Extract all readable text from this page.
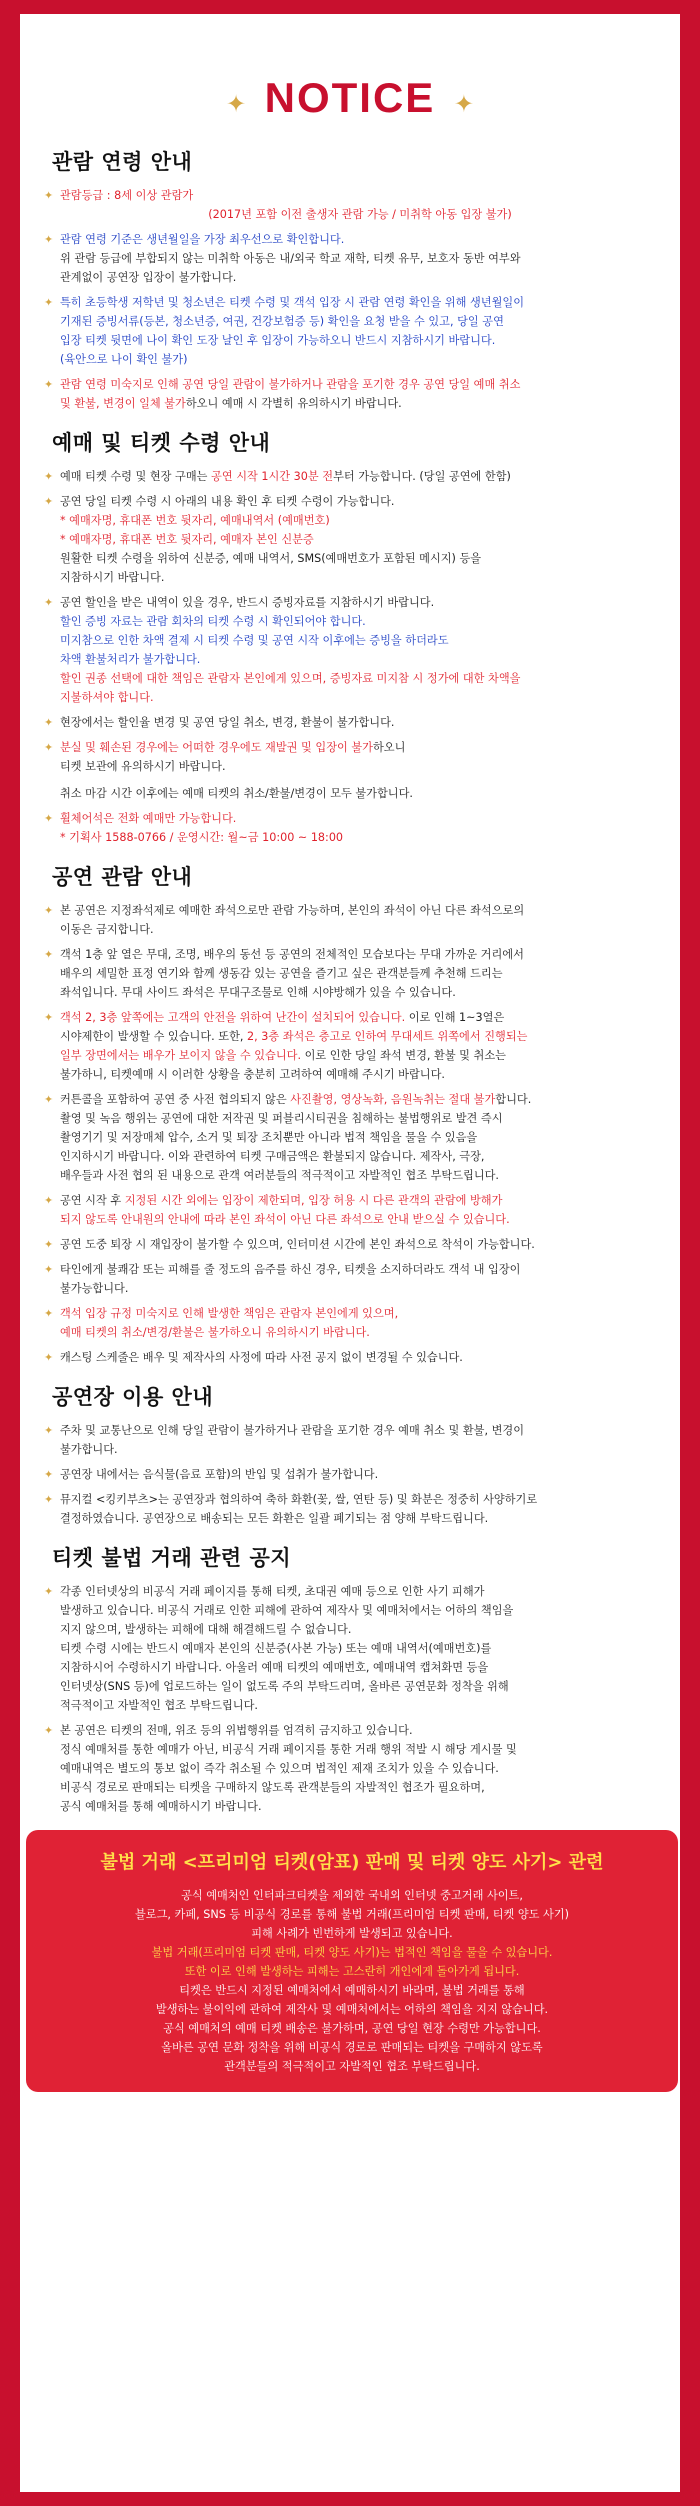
✦ NOTICE ✦
관람 연령 안내
✦ 관람등급 : 8세 이상 관람가
(2017년 포함 이전 출생자 관람 가능 / 미취학 아동 입장 불가)
✦ 관람 연령 기준은 생년월일을 가장 최우선으로 확인합니다.
위 관람 등급에 부합되지 않는 미취학 아동은 내/외국 학교 재학, 티켓 유무, 보호자 동반 여부와
관계없이 공연장 입장이 불가합니다.
✦ 특히 초등학생 저학년 및 청소년은 티켓 수령 및 객석 입장 시 관람 연령 확인을 위해 생년월일이
기재된 증빙서류(등본, 청소년증, 여권, 건강보험증 등) 확인을 요청 받을 수 있고, 당일 공연
입장 티켓 뒷면에 나이 확인 도장 날인 후 입장이 가능하오니 반드시 지참하시기 바랍니다.
(육안으로 나이 확인 불가)
✦ 관람 연령 미숙지로 인해 공연 당일 관람이 불가하거나 관람을 포기한 경우 공연 당일 예매 취소
및 환불, 변경이 일체 불가하오니 예매 시 각별히 유의하시기 바랍니다.
예매 및 티켓 수령 안내
✦ 예매 티켓 수령 및 현장 구매는 공연 시작 1시간 30분 전부터 가능합니다. (당일 공연에 한함)
✦ 공연 당일 티켓 수령 시 아래의 내용 확인 후 티켓 수령이 가능합니다.
* 예매자명, 휴대폰 번호 뒷자리, 예매내역서 (예매번호)
* 예매자명, 휴대폰 번호 뒷자리, 예매자 본인 신분증
원활한 티켓 수령을 위하여 신분증, 예매 내역서, SMS(예매번호가 포함된 메시지) 등을
지참하시기 바랍니다.
✦ 공연 할인을 받은 내역이 있을 경우, 반드시 증빙자료를 지참하시기 바랍니다.
할인 증빙 자료는 관람 회차의 티켓 수령 시 확인되어야 합니다.
미지참으로 인한 차액 결제 시 티켓 수령 및 공연 시작 이후에는 증빙을 하더라도
차액 환불처리가 불가합니다.
할인 권종 선택에 대한 책임은 관람자 본인에게 있으며, 증빙자료 미지참 시 정가에 대한 차액을
지불하셔야 합니다.
✦ 현장에서는 할인율 변경 및 공연 당일 취소, 변경, 환불이 불가합니다.
✦ 분실 및 훼손된 경우에는 어떠한 경우에도 재발권 및 입장이 불가하오니
티켓 보관에 유의하시기 바랍니다.
취소 마감 시간 이후에는 예매 티켓의 취소/환불/변경이 모두 불가합니다.
✦ 휠체어석은 전화 예매만 가능합니다.
* 기획사 1588-0766 / 운영시간: 월~금 10:00 ~ 18:00
공연 관람 안내
✦ 본 공연은 지정좌석제로 예매한 좌석으로만 관람 가능하며, 본인의 좌석이 아닌 다른 좌석으로의
이동은 금지합니다.
✦ 객석 1층 앞 열은 무대, 조명, 배우의 동선 등 공연의 전체적인 모습보다는 무대 가까운 거리에서
배우의 세밀한 표정 연기와 함께 생동감 있는 공연을 즐기고 싶은 관객분들께 추천해 드리는
좌석입니다. 무대 사이드 좌석은 무대구조물로 인해 시야방해가 있을 수 있습니다.
✦ 객석 2, 3층 앞쪽에는 고객의 안전을 위하여 난간이 설치되어 있습니다. 이로 인해 1~3열은
시야제한이 발생할 수 있습니다. 또한, 2, 3층 좌석은 층고로 인하여 무대세트 위쪽에서 진행되는
일부 장면에서는 배우가 보이지 않을 수 있습니다. 이로 인한 당일 좌석 변경, 환불 및 취소는
불가하니, 티켓예매 시 이러한 상황을 충분히 고려하여 예매해 주시기 바랍니다.
✦ 커튼콜을 포함하여 공연 중 사전 협의되지 않은 사진촬영, 영상녹화, 음원녹취는 절대 불가합니다.
촬영 및 녹음 행위는 공연에 대한 저작권 및 퍼블리시티권을 침해하는 불법행위로 발견 즉시
촬영기기 및 저장매체 압수, 소거 및 퇴장 조치뿐만 아니라 법적 책임을 물을 수 있음을
인지하시기 바랍니다. 이와 관련하여 티켓 구매금액은 환불되지 않습니다. 제작사, 극장,
배우들과 사전 협의 된 내용으로 관객 여러분들의 적극적이고 자발적인 협조 부탁드립니다.
✦ 공연 시작 후 지정된 시간 외에는 입장이 제한되며, 입장 허용 시 다른 관객의 관람에 방해가
되지 않도록 안내원의 안내에 따라 본인 좌석이 아닌 다른 좌석으로 안내 받으실 수 있습니다.
✦ 공연 도중 퇴장 시 재입장이 불가할 수 있으며, 인터미션 시간에 본인 좌석으로 착석이 가능합니다.
✦ 타인에게 불쾌감 또는 피해를 줄 정도의 음주를 하신 경우, 티켓을 소지하더라도 객석 내 입장이
불가능합니다.
✦ 객석 입장 규정 미숙지로 인해 발생한 책임은 관람자 본인에게 있으며,
예매 티켓의 취소/변경/환불은 불가하오니 유의하시기 바랍니다.
✦ 캐스팅 스케줄은 배우 및 제작사의 사정에 따라 사전 공지 없이 변경될 수 있습니다.
공연장 이용 안내
✦ 주차 및 교통난으로 인해 당일 관람이 불가하거나 관람을 포기한 경우 예매 취소 및 환불, 변경이
불가합니다.
✦ 공연장 내에서는 음식물(음료 포함)의 반입 및 섭취가 불가합니다.
✦ 뮤지컬 <킹키부츠>는 공연장과 협의하여 축하 화환(꽃, 쌀, 연탄 등) 및 화분은 정중히 사양하기로
결정하였습니다. 공연장으로 배송되는 모든 화환은 일괄 폐기되는 점 양해 부탁드립니다.
티켓 불법 거래 관련 공지
✦ 각종 인터넷상의 비공식 거래 페이지를 통해 티켓, 초대권 예매 등으로 인한 사기 피해가
발생하고 있습니다. 비공식 거래로 인한 피해에 관하여 제작사 및 예매처에서는 어하의 책임을
지지 않으며, 발생하는 피해에 대해 해결해드릴 수 없습니다.
티켓 수령 시에는 반드시 예매자 본인의 신분증(사본 가능) 또는 예매 내역서(예매번호)를
지참하시어 수령하시기 바랍니다. 아울러 예매 티켓의 예매번호, 예매내역 캡쳐화면 등을
인터넷상(SNS 등)에 업로드하는 일이 없도록 주의 부탁드리며, 올바른 공연문화 정착을 위해
적극적이고 자발적인 협조 부탁드립니다.
✦ 본 공연은 티켓의 전매, 위조 등의 위법행위를 엄격히 금지하고 있습니다.
정식 예매처를 통한 예매가 아닌, 비공식 거래 페이지를 통한 거래 행위 적발 시 해당 게시물 및
예매내역은 별도의 통보 없이 즉각 취소될 수 있으며 법적인 제재 조치가 있을 수 있습니다.
비공식 경로로 판매되는 티켓을 구매하지 않도록 관객분들의 자발적인 협조가 필요하며,
공식 예매처를 통해 예매하시기 바랍니다.
불법 거래 <프리미엄 티켓(암표) 판매 및 티켓 양도 사기> 관련
공식 예매처인 인터파크티켓을 제외한 국내외 인터넷 중고거래 사이트,
블로그, 카페, SNS 등 비공식 경로를 통해 불법 거래(프리미엄 티켓 판매, 티켓 양도 사기)
피해 사례가 빈번하게 발생되고 있습니다.
불법 거래(프리미엄 티켓 판매, 티켓 양도 사기)는 법적인 책임을 물을 수 있습니다.
또한 이로 인해 발생하는 피해는 고스란히 개인에게 돌아가게 됩니다.
티켓은 반드시 지정된 예매처에서 예매하시기 바라며, 불법 거래를 통해
발생하는 불이익에 관하여 제작사 및 예매처에서는 어하의 책임을 지지 않습니다.
공식 예매처의 예매 티켓 배송은 불가하며, 공연 당일 현장 수령만 가능합니다.
올바른 공연 문화 정착을 위해 비공식 경로로 판매되는 티켓을 구매하지 않도록
관객분들의 적극적이고 자발적인 협조 부탁드립니다.
